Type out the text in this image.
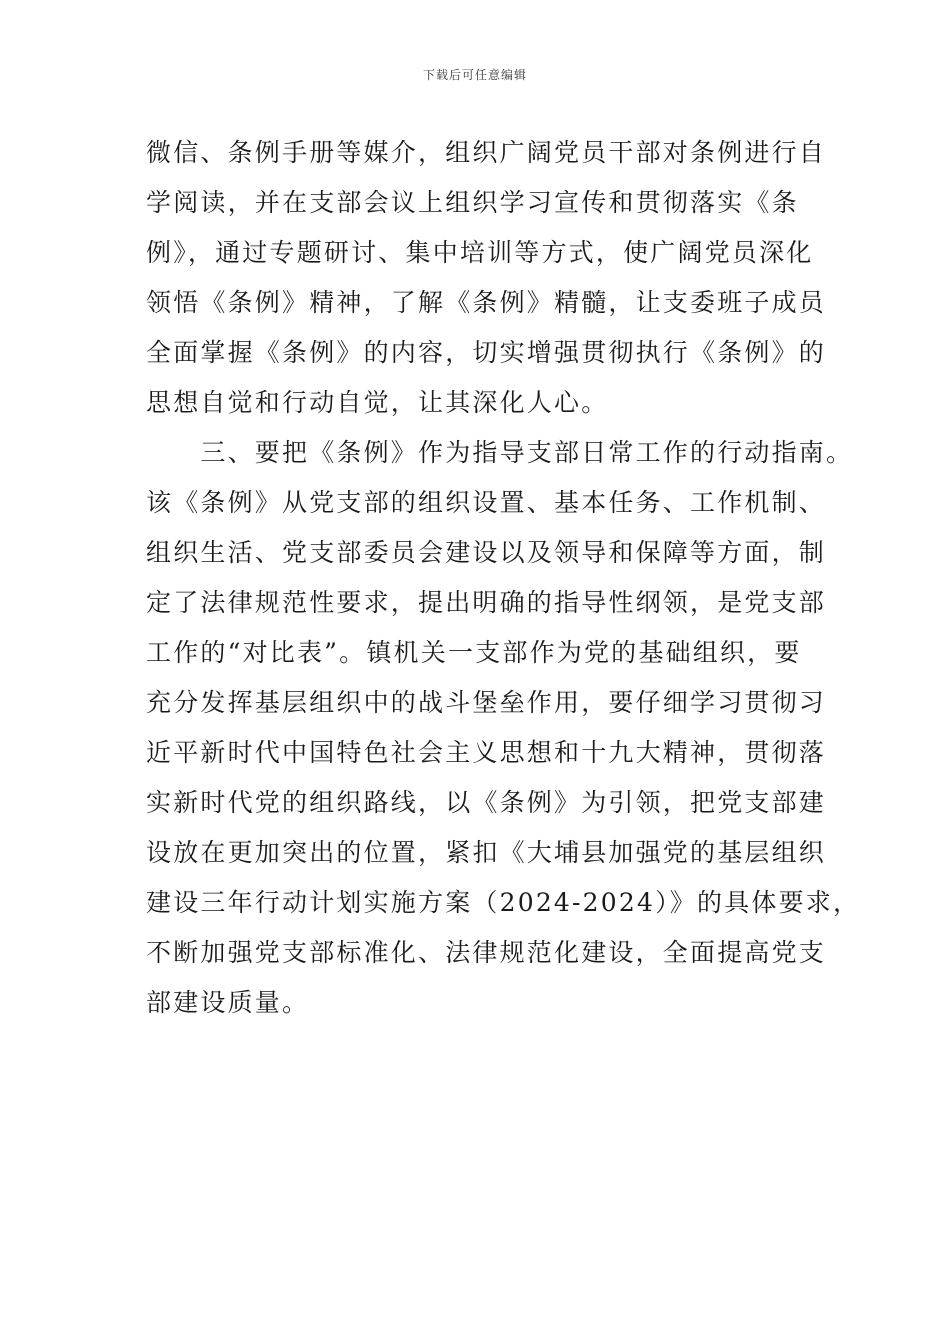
下载后可任意编辑
微信、条例手册等媒介，组织广阔党员干部对条例进行自
学阅读，并在支部会议上组织学习宣传和贯彻落实《条
例》，通过专题研讨、集中培训等方式，使广阔党员深化
领悟《条例》精神，了解《条例》精髓，让支委班子成员
全面掌握《条例》的内容，切实增强贯彻执行《条例》的
思想自觉和行动自觉，让其深化人心。
　　三、要把《条例》作为指导支部日常工作的行动指南。
该《条例》从党支部的组织设置、基本任务、工作机制、
组织生活、党支部委员会建设以及领导和保障等方面，制
定了法律规范性要求，提出明确的指导性纲领，是党支部
工作的“对比表”。镇机关一支部作为党的基础组织，要
充分发挥基层组织中的战斗堡垒作用，要仔细学习贯彻习
近平新时代中国特色社会主义思想和十九大精神，贯彻落
实新时代党的组织路线，以《条例》为引领，把党支部建
设放在更加突出的位置，紧扣《大埔县加强党的基层组织
建设三年行动计划实施方案（2024-2024）》的具体要求，
不断加强党支部标准化、法律规范化建设，全面提高党支
部建设质量。
